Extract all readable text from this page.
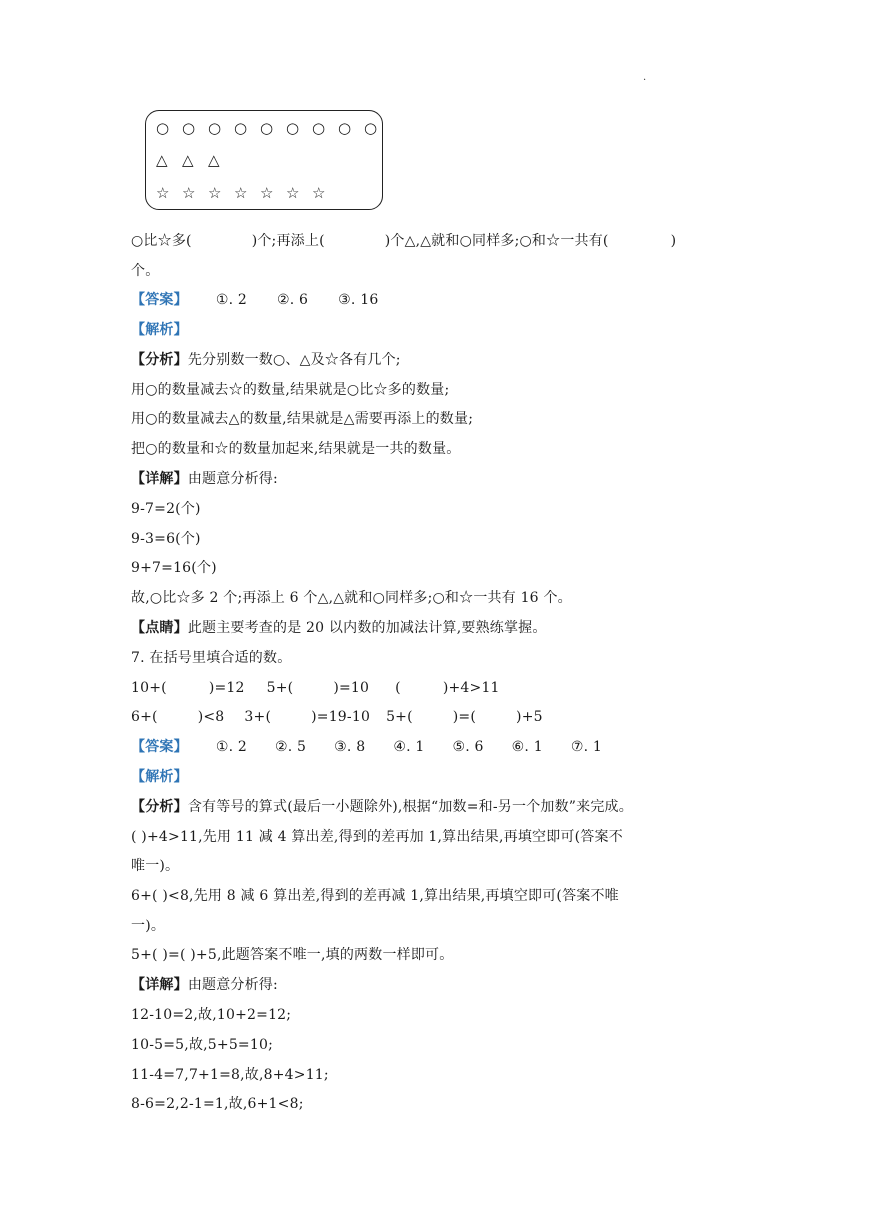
.
○ ○ ○ ○ ○ ○ ○ ○ ○
△ △ △
☆ ☆ ☆ ☆ ☆ ☆ ☆
○比☆多(	)个;再添上(	)个△,△就和○同样多;○和☆一共有(	)
个。
【答案】 ①. 2 ②. 6 ③. 16
【解析】
【分析】先分别数一数○、△及☆各有几个;
用○的数量减去☆的数量,结果就是○比☆多的数量;
用○的数量减去△的数量,结果就是△需要再添上的数量;
把○的数量和☆的数量加起来,结果就是一共的数量。
【详解】由题意分析得:
9-7=2(个)
9-3=6(个)
9+7=16(个)
故,○比☆多 2 个;再添上 6 个△,△就和○同样多;○和☆一共有 16 个。
【点睛】此题主要考查的是 20 以内数的加减法计算,要熟练掌握。
7. 在括号里填合适的数。
10+(	)=12 5+(	)=10 (	)+4>11
6+(	)<8 3+(	)=19-10 5+(	)=(	)+5
【答案】 ①. 2 ②. 5 ③. 8 ④. 1 ⑤. 6 ⑥. 1 ⑦. 1
【解析】
【分析】含有等号的算式(最后一小题除外),根据“加数=和-另一个加数”来完成。
( )+4>11,先用 11 减 4 算出差,得到的差再加 1,算出结果,再填空即可(答案不
唯一)。
6+( )<8,先用 8 减 6 算出差,得到的差再减 1,算出结果,再填空即可(答案不唯
一)。
5+( )=( )+5,此题答案不唯一,填的两数一样即可。
【详解】由题意分析得:
12-10=2,故,10+2=12;
10-5=5,故,5+5=10;
11-4=7,7+1=8,故,8+4>11;
8-6=2,2-1=1,故,6+1<8;
